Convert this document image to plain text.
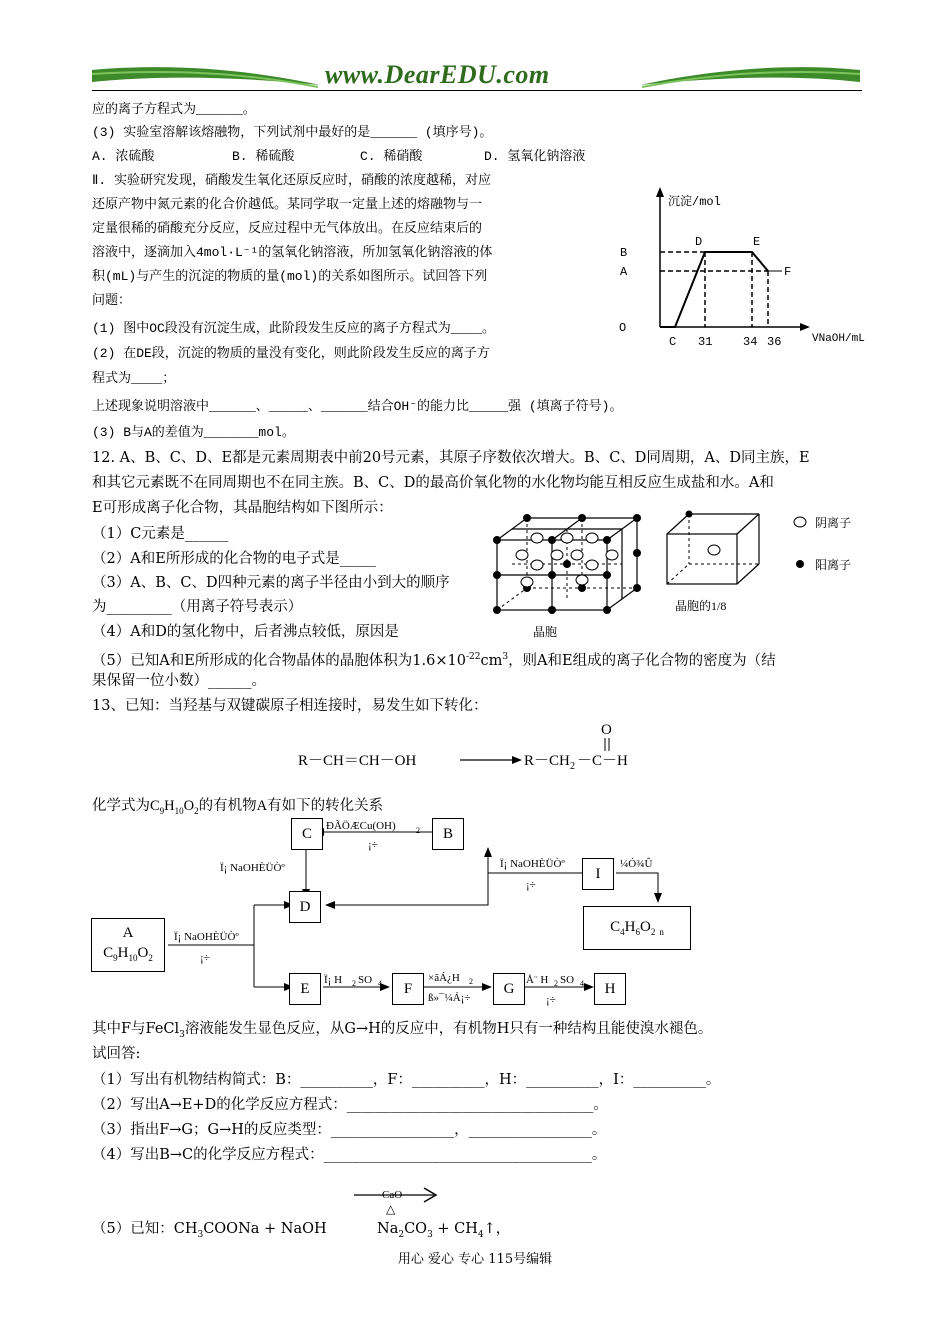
www.DearEDU.com
应的离子方程式为______。
(3) 实验室溶解该熔融物，下列试剂中最好的是______ (填序号)。
A. 浓硫酸	B. 稀硫酸	C. 稀硝酸	D. 氢氧化钠溶液
Ⅱ. 实验研究发现，硝酸发生氧化还原反应时，硝酸的浓度越稀，对应
还原产物中氮元素的化合价越低。某同学取一定量上述的熔融物与一
定量很稀的硝酸充分反应，反应过程中无气体放出。在反应结束后的
溶液中，逐滴加入4mol·L⁻¹的氢氧化钠溶液，所加氢氧化钠溶液的体
积(mL)与产生的沉淀的物质的量(mol)的关系如图所示。试回答下列
问题：
(1) 图中OC段没有沉淀生成，此阶段发生反应的离子方程式为____。
(2) 在DE段，沉淀的物质的量没有变化，则此阶段发生反应的离子方
程式为____；
上述现象说明溶液中______、_____、______结合OH⁻的能力比_____强 (填离子符号)。
(3) B与A的差值为_______mol。
沉淀/mol
VNaOH/mL
O
B
A
D	E
F
C 31	34 36
12. A、B、C、D、E都是元素周期表中前20号元素，其原子序数依次增大。B、C、D同周期，A、D同主族，E
和其它元素既不在同周期也不在同主族。B、C、D的最高价氧化物的水化物均能互相反应生成盐和水。A和
E可形成离子化合物，其晶胞结构如下图所示：
（1）C元素是______
（2）A和E所形成的化合物的电子式是_____
（3）A、B、C、D四种元素的离子半径由小到大的顺序
为_________（用离子符号表示）
（4）A和D的氢化物中，后者沸点较低，原因是
（5）已知A和E所形成的化合物晶体的晶胞体积为$1.6\times 10^{-22}cm^3$，则A和E组成的离子化合物的密度为（结
果保留一位小数）______。
阴离子
阳离子
晶胞的1/8
晶胞
13、已知：当羟基与双键碳原子相连接时，易发生如下转化：
R－CH＝CH－OH	R－CH 2 －C－H
O
化学式为$C_9H_{10}O_2$的有机物A有如下的转化关系
ÐÃÖÆCu(OH)	2
¡÷
Ï¡ NaOHÈÜÒº	Ï¡ NaOHÈÜÒº
¡÷
¼Ó¾Û
Ï¡ NaOHÈÜÒº
¡÷
Ï¡ H 2 SO 4	×ãÁ¿H 2
ß»¯¼Á¡÷
Å¨ H 2 SO 4
¡÷
C	B
I
D
A
$C_9H_{10}O_2$
$C_4H_6O_2$ $_n$
E	F	G	H
其中F与FeCl$_3$溶液能发生显色反应，从G→H的反应中，有机物H只有一种结构且能使溴水褪色。
试回答:
（1）写出有机物结构简式：B：__________，F：__________，H：__________，I：__________。
（2）写出A→E+D的化学反应方程式：__________________________________。
（3）指出F→G；G→H的反应类型：_________________，_________________。
（4）写出B→C的化学反应方程式：_____________________________________。
CaO
△
（5）已知：$CH_3COONa$ + NaOH	$Na_2CO_3$ + $CH_4↑$，
用心 爱心 专心 115号编辑
